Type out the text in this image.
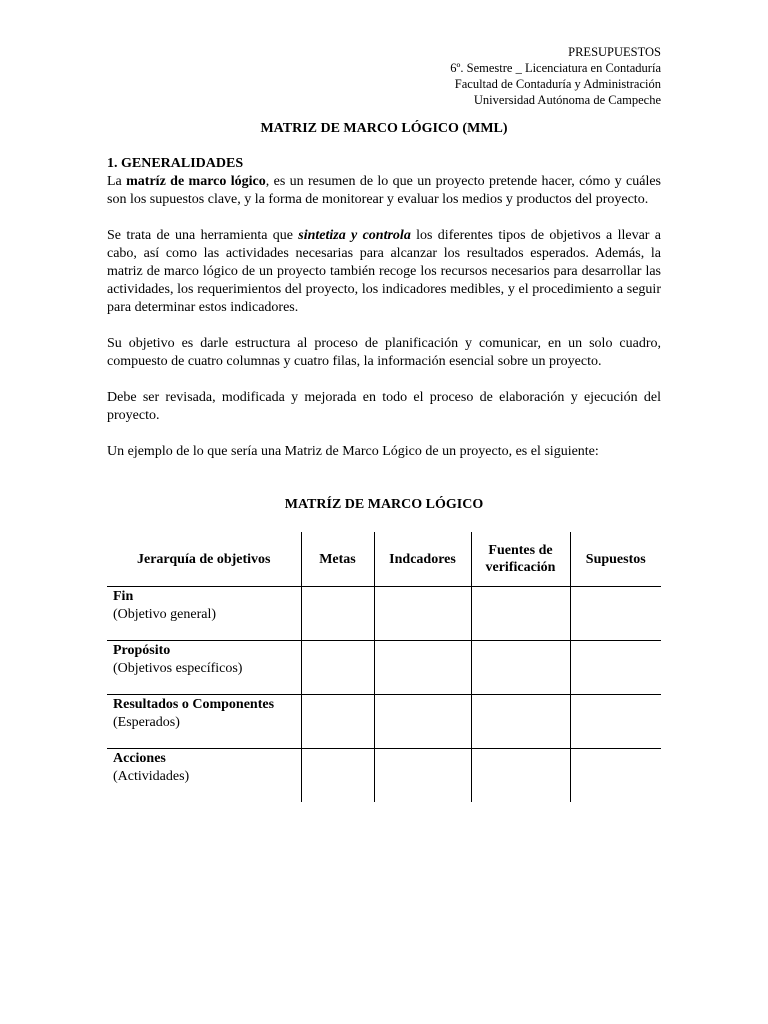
PRESUPUESTOS
6º. Semestre _ Licenciatura en Contaduría
Facultad de Contaduría y Administración
Universidad Autónoma de Campeche
MATRIZ DE MARCO LÓGICO (MML)

1. GENERALIDADES

La matríz de marco lógico, es un resumen de lo que un proyecto pretende hacer, cómo y cuáles son los supuestos clave, y la forma de monitorear y evaluar los medios y productos del proyecto.

Se trata de una herramienta que sintetiza y controla los diferentes tipos de objetivos a llevar a cabo, así como las actividades necesarias para alcanzar los resultados esperados. Además, la matriz de marco lógico de un proyecto también recoge los recursos necesarios para desarrollar las actividades, los requerimientos del proyecto, los indicadores medibles, y el procedimiento a seguir para determinar estos indicadores.

Su objetivo es darle estructura al proceso de planificación y comunicar, en un solo cuadro, compuesto de cuatro columnas y cuatro filas, la información esencial sobre un proyecto.

Debe ser revisada, modificada y mejorada en todo el proceso de elaboración y ejecución del proyecto.

Un ejemplo de lo que sería una Matriz de Marco Lógico de un proyecto, es el siguiente:

MATRÍZ DE MARCO LÓGICO
Jerarquía de objetivos	Metas	Indcadores	Fuentes de verificación	Supuestos

Fin
(Objetivo general)				

Propósito
(Objetivos específicos)				

Resultados o Componentes
(Esperados)				

Acciones
(Actividades)				
